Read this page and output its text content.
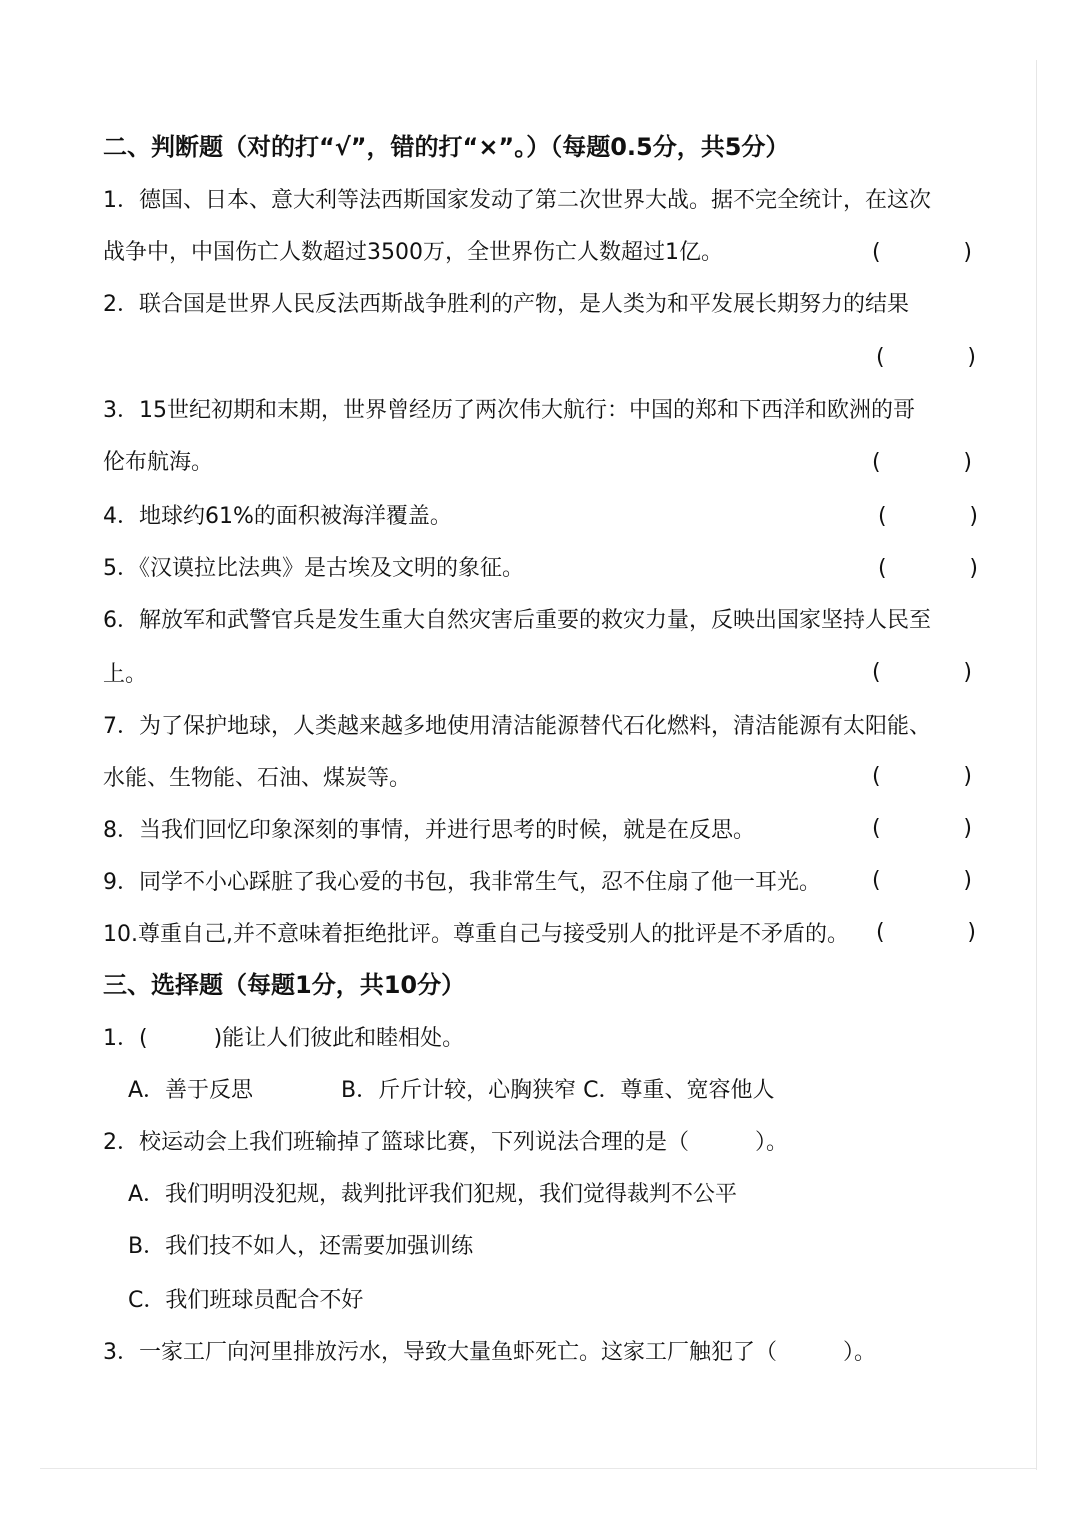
二、判断题（对的打“√”，错的打“×”。）（每题0.5分，共5分）
1．德国、日本、意大利等法西斯国家发动了第二次世界大战。据不完全统计，在这次
战争中，中国伤亡人数超过3500万，全世界伤亡人数超过1亿。	(	)
2．联合国是世界人民反法西斯战争胜利的产物，是人类为和平发展长期努力的结果
(	)
3．15世纪初期和末期，世界曾经历了两次伟大航行：中国的郑和下西洋和欧洲的哥
伦布航海。	(	)
4．地球约61%的面积被海洋覆盖。	(	)
5．《汉谟拉比法典》是古埃及文明的象征。	(	)
6．解放军和武警官兵是发生重大自然灾害后重要的救灾力量，反映出国家坚持人民至
上。	(	)
7．为了保护地球，人类越来越多地使用清洁能源替代石化燃料，清洁能源有太阳能、
水能、生物能、石油、煤炭等。	(	)
8．当我们回忆印象深刻的事情，并进行思考的时候，就是在反思。	(	)
9．同学不小心踩脏了我心爱的书包，我非常生气，忍不住扇了他一耳光。	(	)
10.尊重自己,并不意味着拒绝批评。尊重自己与接受别人的批评是不矛盾的。	(	)
三、选择题（每题1分，共10分）
1．(　　　)能让人们彼此和睦相处。
A．善于反思　　　　B．斤斤计较，心胸狭窄 C．尊重、宽容他人
2．校运动会上我们班输掉了篮球比赛，下列说法合理的是（　　　）。
A．我们明明没犯规，裁判批评我们犯规，我们觉得裁判不公平
B．我们技不如人，还需要加强训练
C．我们班球员配合不好
3．一家工厂向河里排放污水，导致大量鱼虾死亡。这家工厂触犯了（　　　）。
